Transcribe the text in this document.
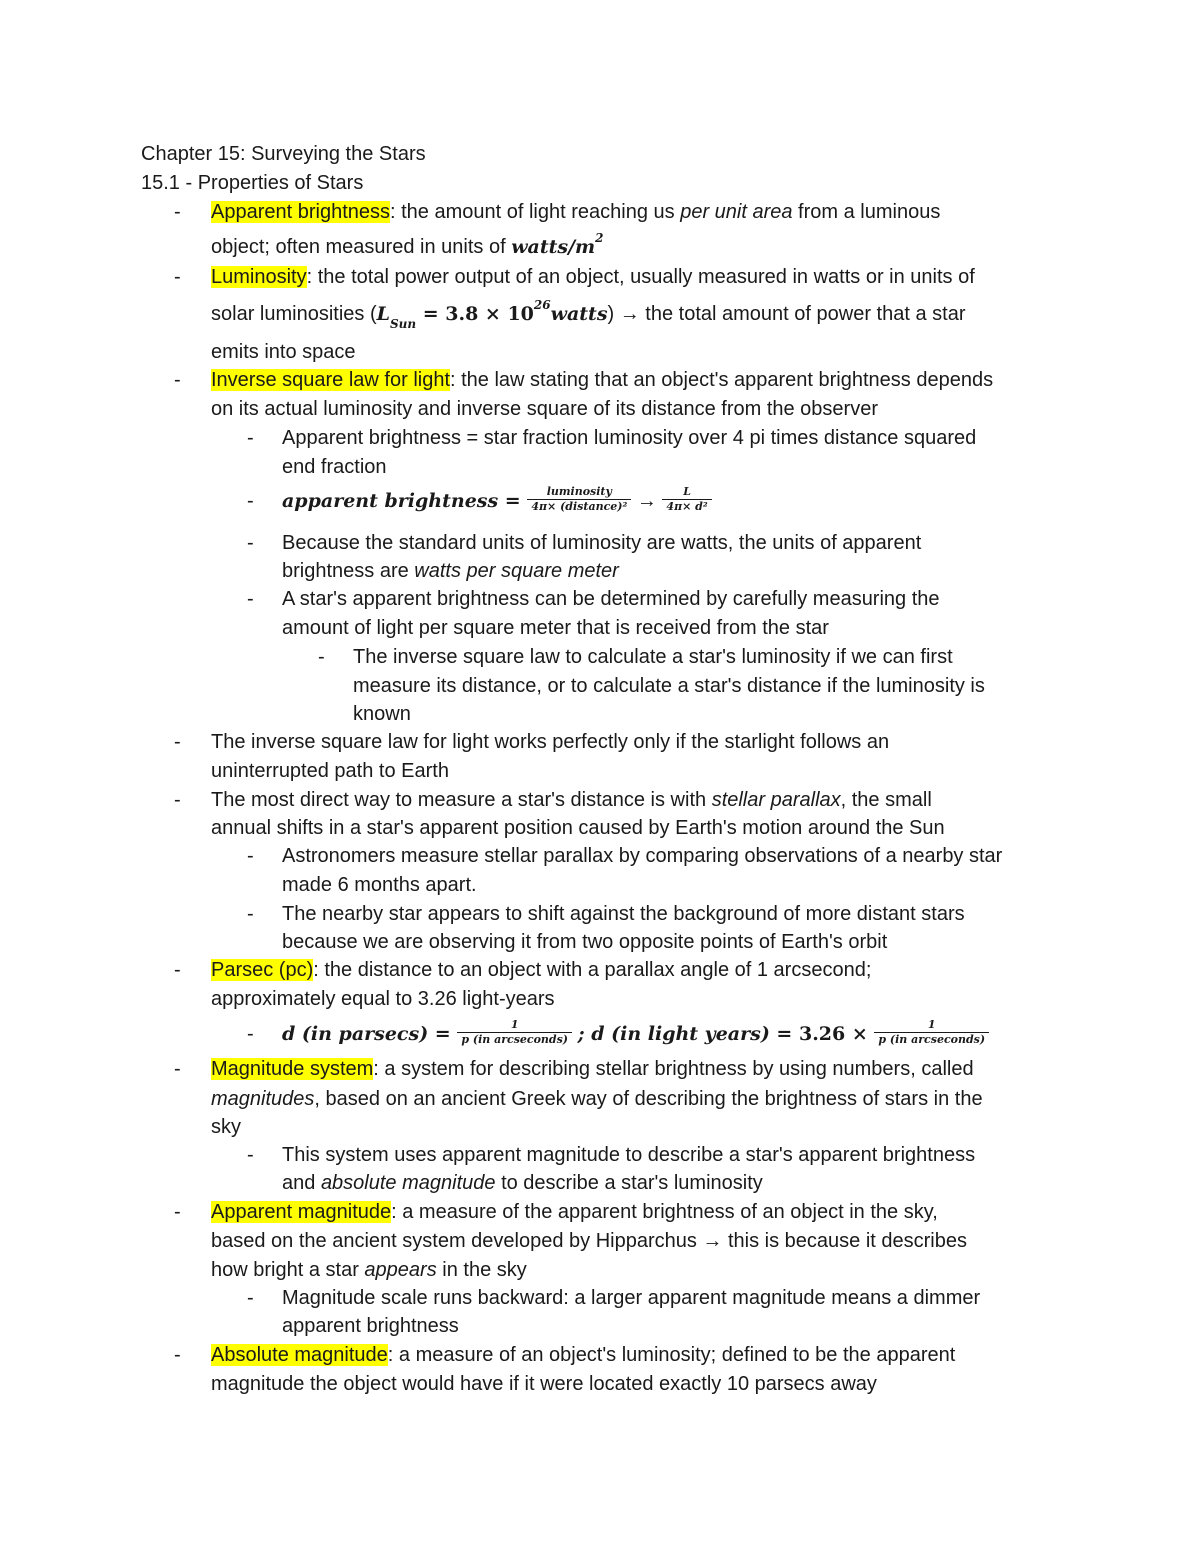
Chapter 15: Surveying the Stars
15.1 - Properties of Stars
- Apparent brightness: the amount of light reaching us per unit area from a luminous
object; often measured in units of watts/$m^2$
- Luminosity: the total power output of an object, usually measured in watts or in units of
solar luminosities ($L_{Sun} = 3.8$ × $10^{26}watts$) → the total amount of power that a star
emits into space
- Inverse square law for light: the law stating that an object's apparent brightness depends
on its actual luminosity and inverse square of its distance from the observer
- Apparent brightness = star fraction luminosity over 4 pi times distance squared
end fraction
- apparent brightness = $\frac{\text{luminosity}}{\text{4π× (distance)²}} \to \frac{L}{\text{4π× d²}}$
- Because the standard units of luminosity are watts, the units of apparent
brightness are watts per square meter
- A star's apparent brightness can be determined by carefully measuring the
amount of light per square meter that is received from the star
- The inverse square law to calculate a star's luminosity if we can first
measure its distance, or to calculate a star's distance if the luminosity is
known
- The inverse square law for light works perfectly only if the starlight follows an
uninterrupted path to Earth
- The most direct way to measure a star's distance is with stellar parallax, the small
annual shifts in a star's apparent position caused by Earth's motion around the Sun
- Astronomers measure stellar parallax by comparing observations of a nearby star
made 6 months apart.
- The nearby star appears to shift against the background of more distant stars
because we are observing it from two opposite points of Earth's orbit
- Parsec (pc): the distance to an object with a parallax angle of 1 arcsecond;
approximately equal to 3.26 light-years
- d (in $parsecs) = \frac{1}{\text{p (in arcseconds)}}$ ; d (in light years) = $3.26 \times \frac{1}{\text{p (in arcseconds)}}$
- Magnitude system: a system for describing stellar brightness by using numbers, called
magnitudes, based on an ancient Greek way of describing the brightness of stars in the
sky
- This system uses apparent magnitude to describe a star's apparent brightness
and absolute magnitude to describe a star's luminosity
- Apparent magnitude: a measure of the apparent brightness of an object in the sky,
based on the ancient system developed by Hipparchus → this is because it describes
how bright a star appears in the sky
- Magnitude scale runs backward: a larger apparent magnitude means a dimmer
apparent brightness
- Absolute magnitude: a measure of an object's luminosity; defined to be the apparent
magnitude the object would have if it were located exactly 10 parsecs away
